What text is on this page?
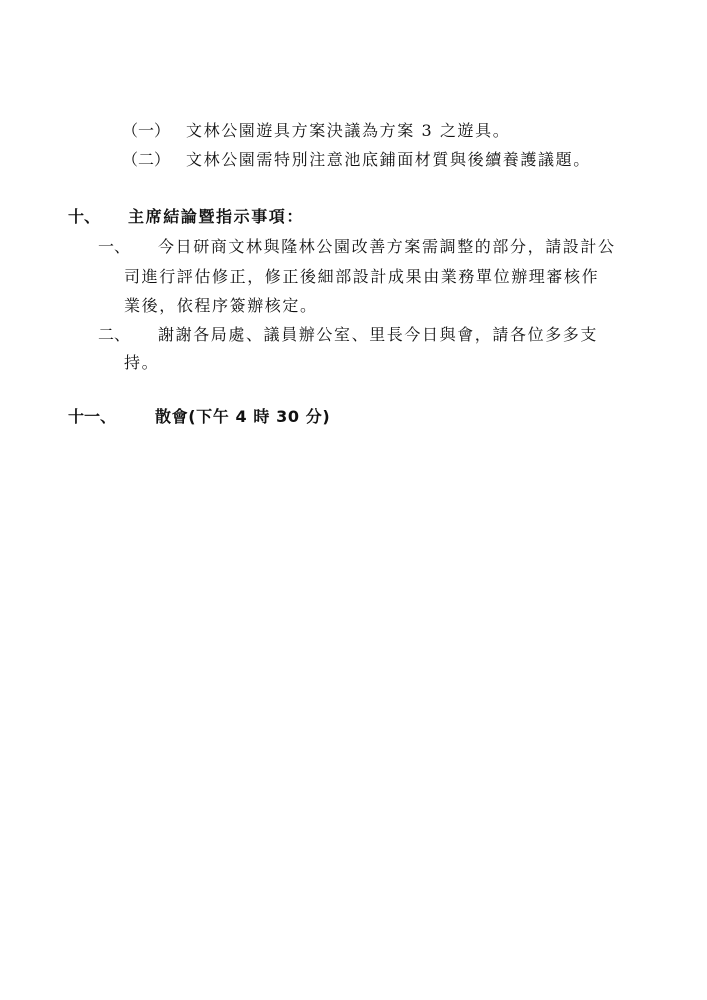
（一） 文林公園遊具方案決議為方案 3 之遊具。
（二） 文林公園需特別注意池底鋪面材質與後續養護議題。
十、 主席結論暨指示事項：
一、 今日研商文林與隆林公園改善方案需調整的部分，請設計公
司進行評估修正，修正後細部設計成果由業務單位辦理審核作
業後，依程序簽辦核定。
二、 謝謝各局處、議員辦公室、里長今日與會，請各位多多支
持。
十一、 散會(下午 4 時 30 分)
